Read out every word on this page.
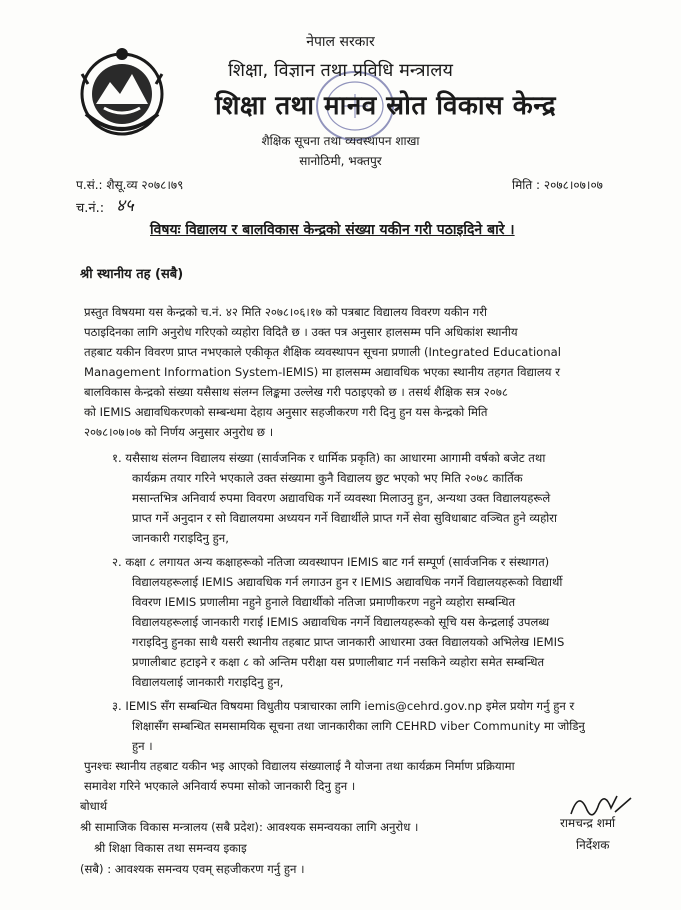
नेपाल सरकार
शिक्षा, विज्ञान तथा प्रविधि मन्त्रालय
शिक्षा तथा मानव स्रोत विकास केन्द्र
शैक्षिक सूचना तथा व्यवस्थापन शाखा
सानोठिमी, भक्तपुर
प.सं.: शैसू.व्य २०७८।७९	मिति : २०७८।०७।०७
च.नं.: ४५
विषयः विद्यालय र बालविकास केन्द्रको संख्या यकीन गरी पठाइदिने बारे ।
श्री स्थानीय तह (सबै)
प्रस्तुत विषयमा यस केन्द्रको च.नं. ४२ मिति २०७८।०६।१७ को पत्रबाट विद्यालय विवरण यकीन गरी
पठाइदिनका लागि अनुरोध गरिएको व्यहोरा विदितै छ । उक्त पत्र अनुसार हालसम्म पनि अधिकांश स्थानीय
तहबाट यकीन विवरण प्राप्त नभएकाले एकीकृत शैक्षिक व्यवस्थापन सूचना प्रणाली (Integrated Educational
Management Information System-IEMIS) मा हालसम्म अद्यावधिक भएका स्थानीय तहगत विद्यालय र
बालविकास केन्द्रको संख्या यसैसाथ संलग्न लिङ्कमा उल्लेख गरी पठाइएको छ । तसर्थ शैक्षिक सत्र २०७८
को IEMIS अद्यावधिकरणको सम्बन्धमा देहाय अनुसार सहजीकरण गरी दिनु हुन यस केन्द्रको मिति
२०७८।०७।०७ को निर्णय अनुसार अनुरोध छ ।
१. यसैसाथ संलग्न विद्यालय संख्या (सार्वजनिक र धार्मिक प्रकृति) का आधारमा आगामी वर्षको बजेट तथा
कार्यक्रम तयार गरिने भएकाले उक्त संख्यामा कुनै विद्यालय छुट भएको भए मिति २०७८ कार्तिक
मसान्तभित्र अनिवार्य रुपमा विवरण अद्यावधिक गर्ने व्यवस्था मिलाउनु हुन, अन्यथा उक्त विद्यालयहरूले
प्राप्त गर्ने अनुदान र सो विद्यालयमा अध्ययन गर्ने विद्यार्थीले प्राप्त गर्ने सेवा सुविधाबाट वञ्चित हुने व्यहोरा
जानकारी गराइदिनु हुन,
२. कक्षा ८ लगायत अन्य कक्षाहरूको नतिजा व्यवस्थापन IEMIS बाट गर्न सम्पूर्ण (सार्वजनिक र संस्थागत)
विद्यालयहरूलाई IEMIS अद्यावधिक गर्न लगाउन हुन र IEMIS अद्यावधिक नगर्ने विद्यालयहरूको विद्यार्थी
विवरण IEMIS प्रणालीमा नहुने हुनाले विद्यार्थीको नतिजा प्रमाणीकरण नहुने व्यहोरा सम्बन्धित
विद्यालयहरूलाई जानकारी गराई IEMIS अद्यावधिक नगर्ने विद्यालयहरूको सूचि यस केन्द्रलाई उपलब्ध
गराइदिनु हुनका साथै यसरी स्थानीय तहबाट प्राप्त जानकारी आधारमा उक्त विद्यालयको अभिलेख IEMIS
प्रणालीबाट हटाइने र कक्षा ८ को अन्तिम परीक्षा यस प्रणालीबाट गर्न नसकिने व्यहोरा समेत सम्बन्धित
विद्यालयलाई जानकारी गराइदिनु हुन,
३. IEMIS सँग सम्बन्धित विषयमा विधुतीय पत्राचारका लागि iemis@cehrd.gov.np इमेल प्रयोग गर्नु हुन र
शिक्षासँग सम्बन्धित समसामयिक सूचना तथा जानकारीका लागि CEHRD viber Community मा जोडिनु
हुन ।
पुनश्चः स्थानीय तहबाट यकीन भइ आएको विद्यालय संख्यालाई नै योजना तथा कार्यक्रम निर्माण प्रक्रियामा
समावेश गरिने भएकाले अनिवार्य रुपमा सोको जानकारी दिनु हुन ।
बोधार्थ
श्री सामाजिक विकास मन्त्रालय (सबै प्रदेश): आवश्यक समन्वयका लागि अनुरोध ।
श्री शिक्षा विकास तथा समन्वय इकाइ
(सबै) : आवश्यक समन्वय एवम् सहजीकरण गर्नु हुन ।
रामचन्द्र शर्मा
निर्देशक
